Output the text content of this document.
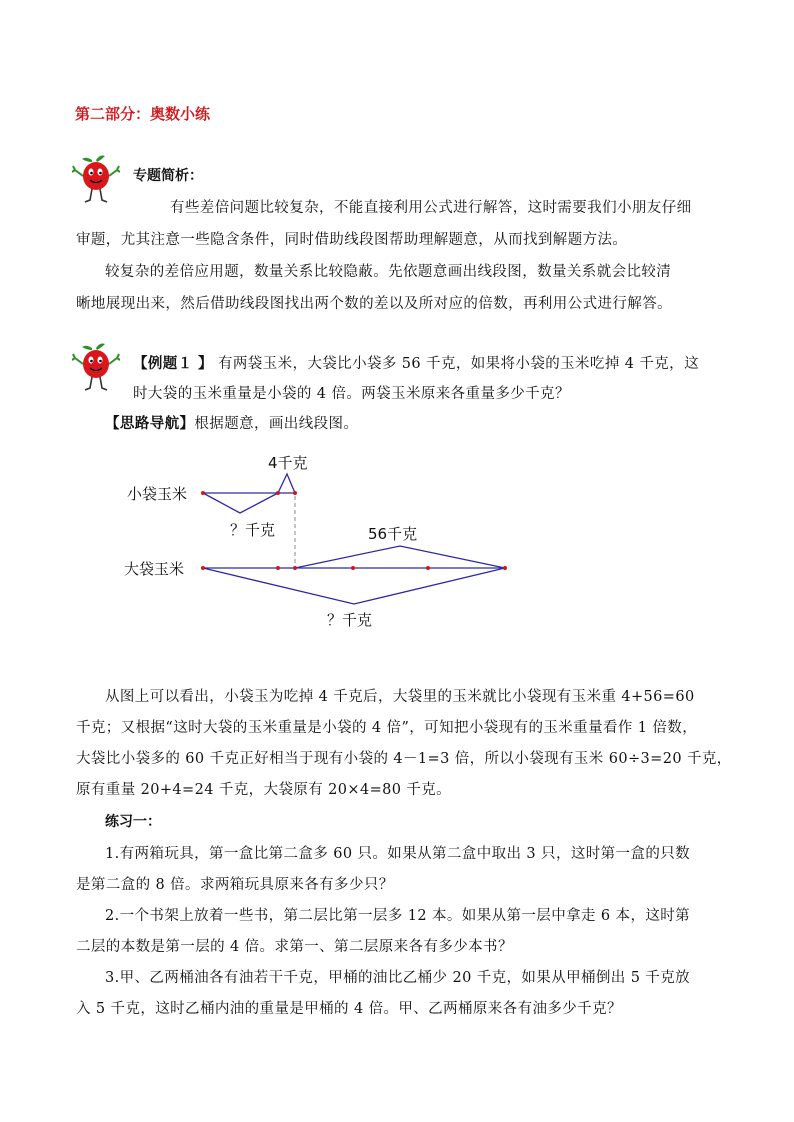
第二部分：奥数小练
专题简析：
有些差倍问题比较复杂，不能直接利用公式进行解答，这时需要我们小朋友仔细
审题，尤其注意一些隐含条件，同时借助线段图帮助理解题意，从而找到解题方法。
较复杂的差倍应用题，数量关系比较隐蔽。先依题意画出线段图，数量关系就会比较清
晰地展现出来，然后借助线段图找出两个数的差以及所对应的倍数，再利用公式进行解答。
【例题１ 】 有两袋玉米，大袋比小袋多 56 千克，如果将小袋的玉米吃掉 4 千克，这
时大袋的玉米重量是小袋的 4 倍。两袋玉米原来各重量多少千克？
【思路导航】根据题意，画出线段图。
小袋玉米
大袋玉米
4千克
？千克	56千克
？千克
从图上可以看出，小袋玉为吃掉 4 千克后，大袋里的玉米就比小袋现有玉米重 4+56=60
千克；又根据“这时大袋的玉米重量是小袋的 4 倍”，可知把小袋现有的玉米重量看作 1 倍数，
大袋比小袋多的 60 千克正好相当于现有小袋的 4－1=3 倍，所以小袋现有玉米 60÷3=20 千克，
原有重量 20+4=24 千克，大袋原有 20×4=80 千克。
练习一：
1.有两箱玩具，第一盒比第二盒多 60 只。如果从第二盒中取出 3 只，这时第一盒的只数
是第二盒的 8 倍。求两箱玩具原来各有多少只？
2.一个书架上放着一些书，第二层比第一层多 12 本。如果从第一层中拿走 6 本，这时第
二层的本数是第一层的 4 倍。求第一、第二层原来各有多少本书？
3.甲、乙两桶油各有油若干千克，甲桶的油比乙桶少 20 千克，如果从甲桶倒出 5 千克放
入 5 千克，这时乙桶内油的重量是甲桶的 4 倍。甲、乙两桶原来各有油多少千克？
